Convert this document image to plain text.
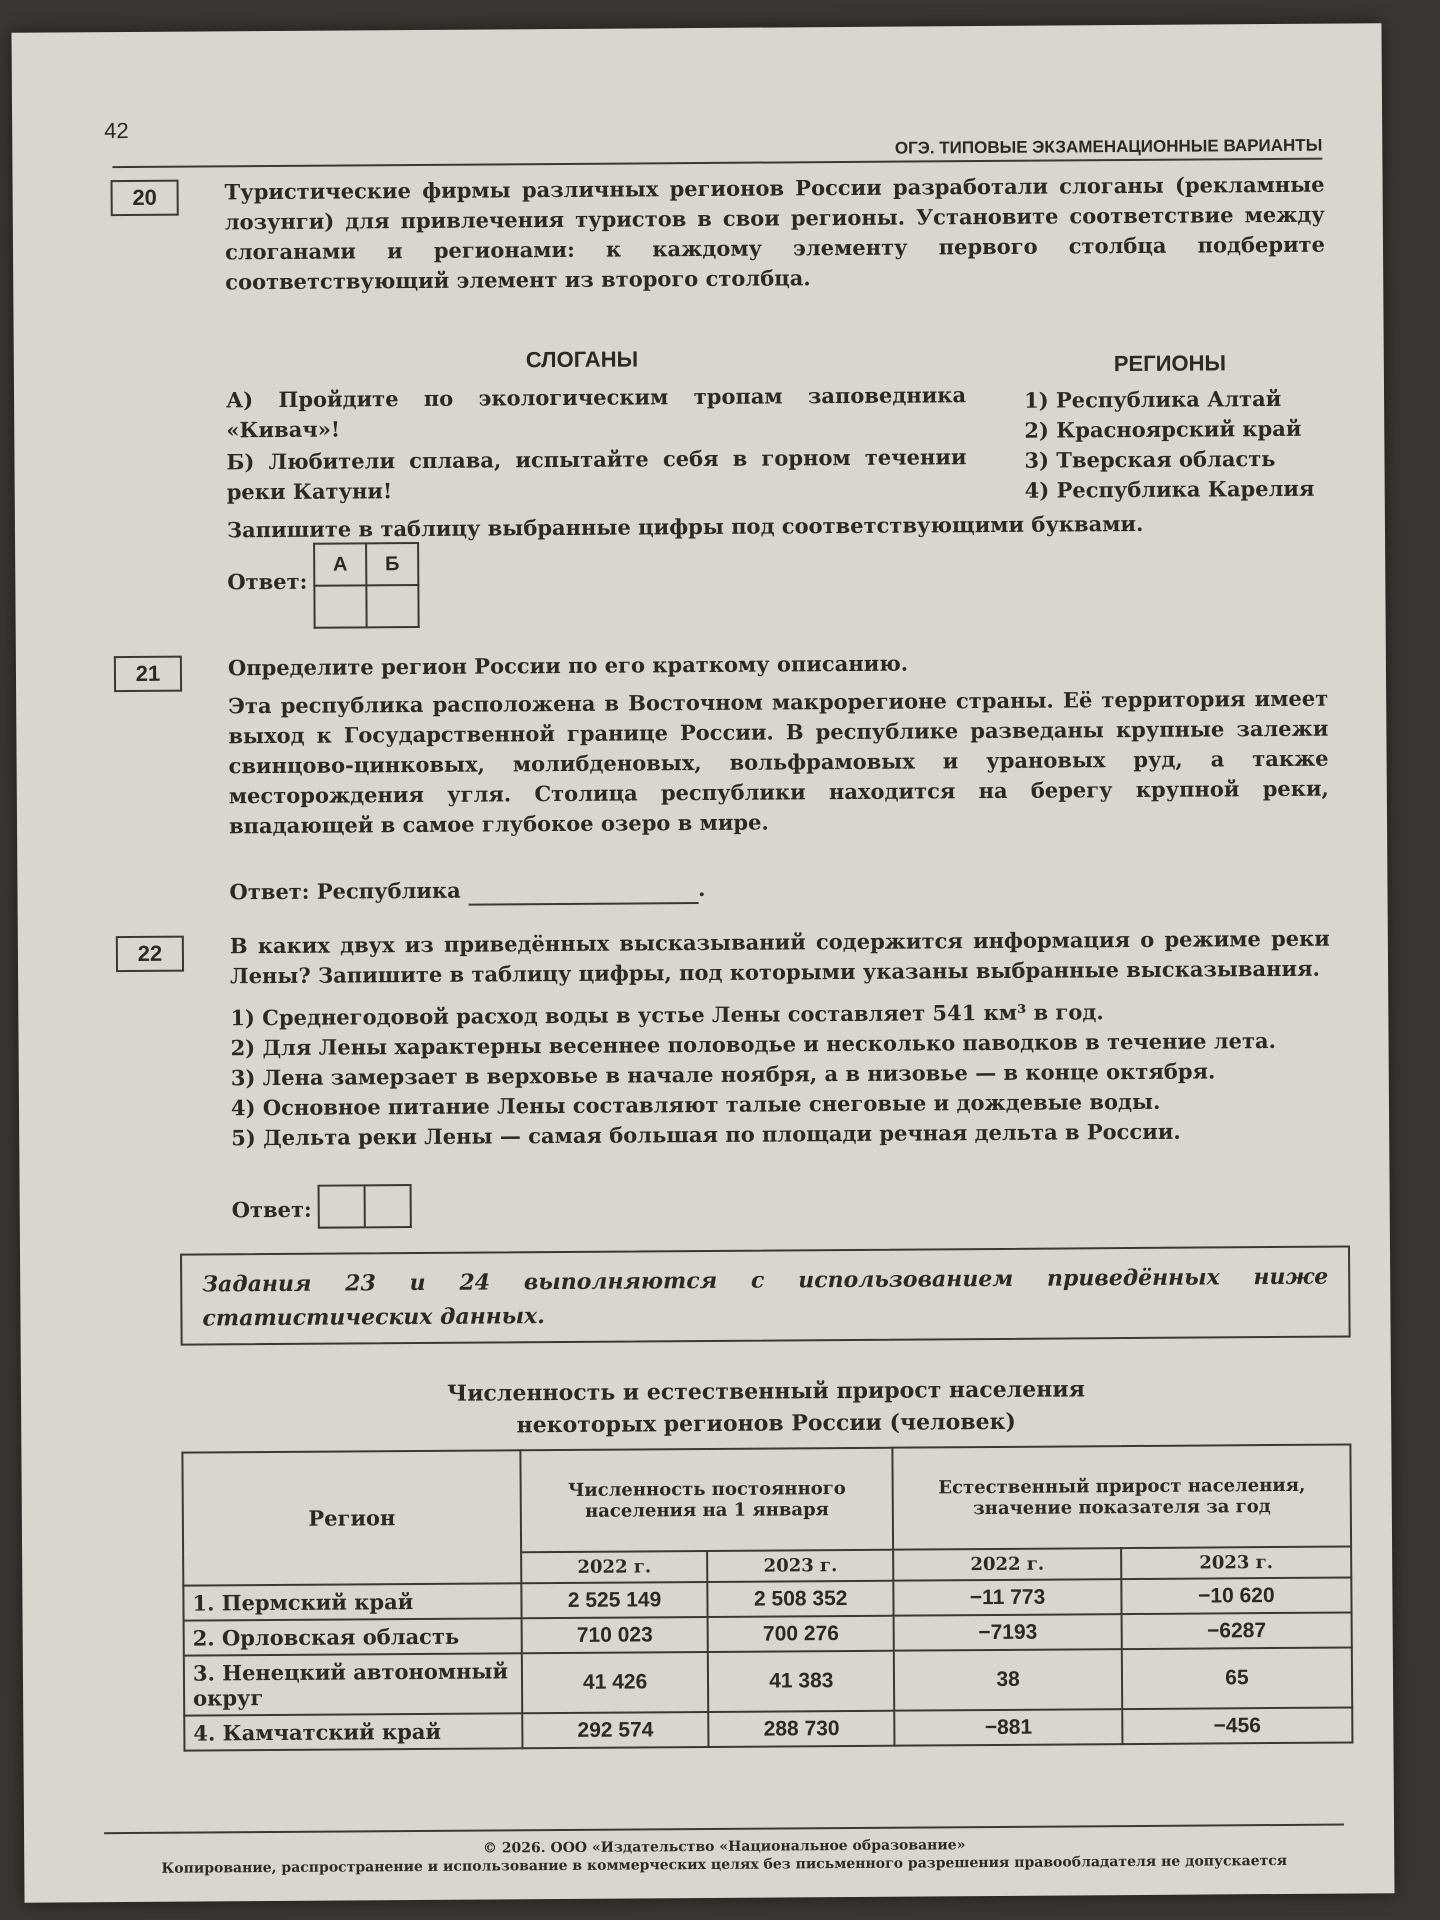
42
ОГЭ. ТИПОВЫЕ ЭКЗАМЕНАЦИОННЫЕ ВАРИАНТЫ
20	Туристические фирмы различных регионов России разработали слоганы (рекламные лозунги) для привлечения туристов в свои регионы. Установите соответствие между слоганами и регионами: к каждому элементу первого столбца подберите соответствующий элемент из второго столбца.
СЛОГАНЫ	РЕГИОНЫ
А) Пройдите по экологическим тропам заповедника «Кивач»!
Б) Любители сплава, испытайте себя в горном течении реки Катуни!
1) Республика Алтай
2) Красноярский край
3) Тверская область
4) Республика Карелия
Запишите в таблицу выбранные цифры под соответствующими буквами.
Ответ:
А	Б

21	Определите регион России по его краткому описанию.
Эта республика расположена в Восточном макрорегионе страны. Её территория имеет выход к Государственной границе России. В республике разведаны крупные залежи свинцово-цинковых, молибденовых, вольфрамовых и урановых руд, а также месторождения угля. Столица республики находится на берегу крупной реки, впадающей в самое глубокое озеро в мире.
Ответ: Республика	.
22	В каких двух из приведённых высказываний содержится информация о режиме реки Лены? Запишите в таблицу цифры, под которыми указаны выбранные высказывания.
1) Среднегодовой расход воды в устье Лены составляет 541 км³ в год.
2) Для Лены характерны весеннее половодье и несколько паводков в течение лета.
3) Лена замерзает в верховье в начале ноября, а в низовье — в конце октября.
4) Основное питание Лены составляют талые снеговые и дождевые воды.
5) Дельта реки Лены — самая большая по площади речная дельта в России.
Ответ:
Задания 23 и 24 выполняются с использованием приведённых ниже статистических данных.
Численность и естественный прирост населения
некоторых регионов России (человек)
Регион	Численность постоянного населения на 1 января		Естественный прирост населения, значение показателя за год	
	2022 г.	2023 г.	2022 г.	2023 г.
1. Пермский край	2 525 149	2 508 352	−11 773	−10 620
2. Орловская область	710 023	700 276	−7193	−6287
3. Ненецкий автономный округ	41 426	41 383	38	65
4. Камчатский край	292 574	288 730	−881	−456
© 2026. ООО «Издательство «Национальное образование»
Копирование, распространение и использование в коммерческих целях без письменного разрешения правообладателя не допускается
